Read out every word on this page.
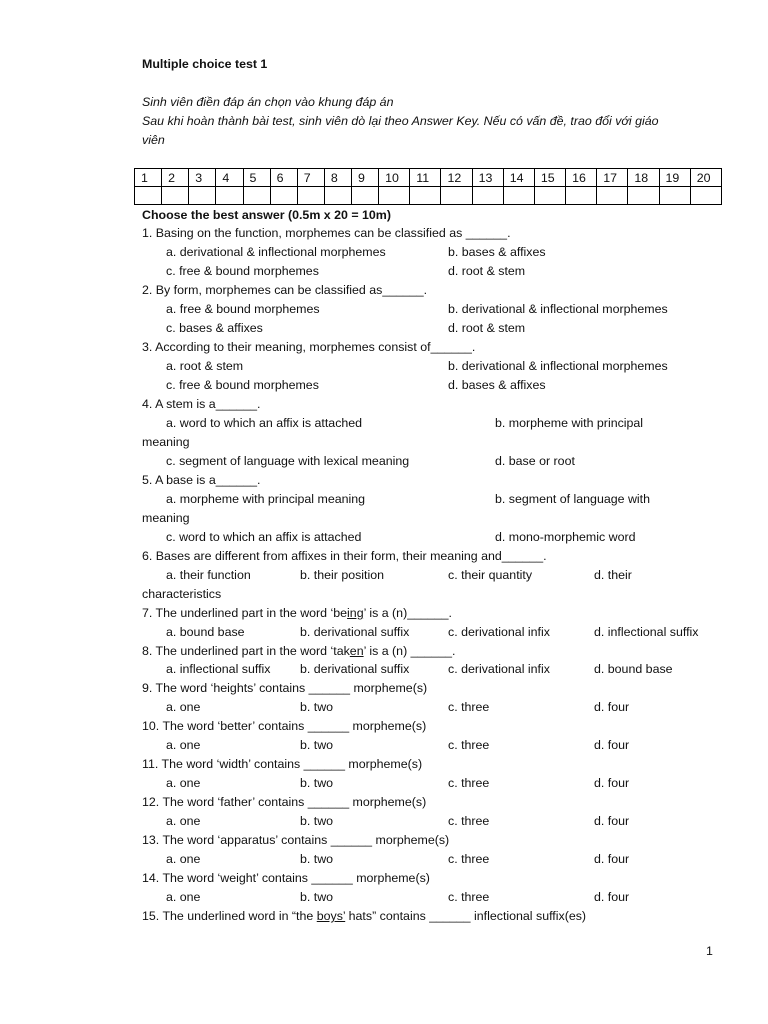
Multiple choice test 1
Sinh viên điền đáp án chọn vào khung đáp án
Sau khi hoàn thành bài test, sinh viên dò lại theo Answer Key. Nếu có vấn đề, trao đổi với giáo
viên
1	2	3	4	5	6	7	8	9	10	11	12	13	14	15	16	17	18	19	20

Choose the best answer (0.5m x 20 = 10m)
1. Basing on the function, morphemes can be classified as ______.
a. derivational & inflectional morphemes	b. bases & affixes
c. free & bound morphemes	d. root & stem
2. By form, morphemes can be classified as______.
a. free & bound morphemes	b. derivational & inflectional morphemes
c. bases & affixes	d. root & stem
3. According to their meaning, morphemes consist of______.
a. root & stem	b. derivational & inflectional morphemes
c. free & bound morphemes	d. bases & affixes
4. A stem is a______.
a. word to which an affix is attached	b. morpheme with principal
meaning
c. segment of language with lexical meaning	d. base or root
5. A base is a______.
a. morpheme with principal meaning	b. segment of language with
meaning
c. word to which an affix is attached	d. mono-morphemic word
6. Bases are different from affixes in their form, their meaning and______.
a. their function	b. their position	c. their quantity	d. their
characteristics
7. The underlined part in the word ‘being’ is a (n)______.
a. bound base	b. derivational suffix	c. derivational infix	d. inflectional suffix
8. The underlined part in the word ‘taken’ is a (n) ______.
a. inflectional suffix b. derivational suffix	c. derivational infix	d. bound base
9. The word ‘heights’ contains ______ morpheme(s)
a. one	b. two	c. three	d. four
10. The word ‘better’ contains ______ morpheme(s)
a. one	b. two	c. three	d. four
11. The word ‘width’ contains ______ morpheme(s)
a. one	b. two	c. three	d. four
12. The word ‘father’ contains ______ morpheme(s)
a. one	b. two	c. three	d. four
13. The word ‘apparatus’ contains ______ morpheme(s)
a. one	b. two	c. three	d. four
14. The word ‘weight’ contains ______ morpheme(s)
a. one	b. two	c. three	d. four
15. The underlined word in “the boys’ hats” contains ______ inflectional suffix(es)
1
